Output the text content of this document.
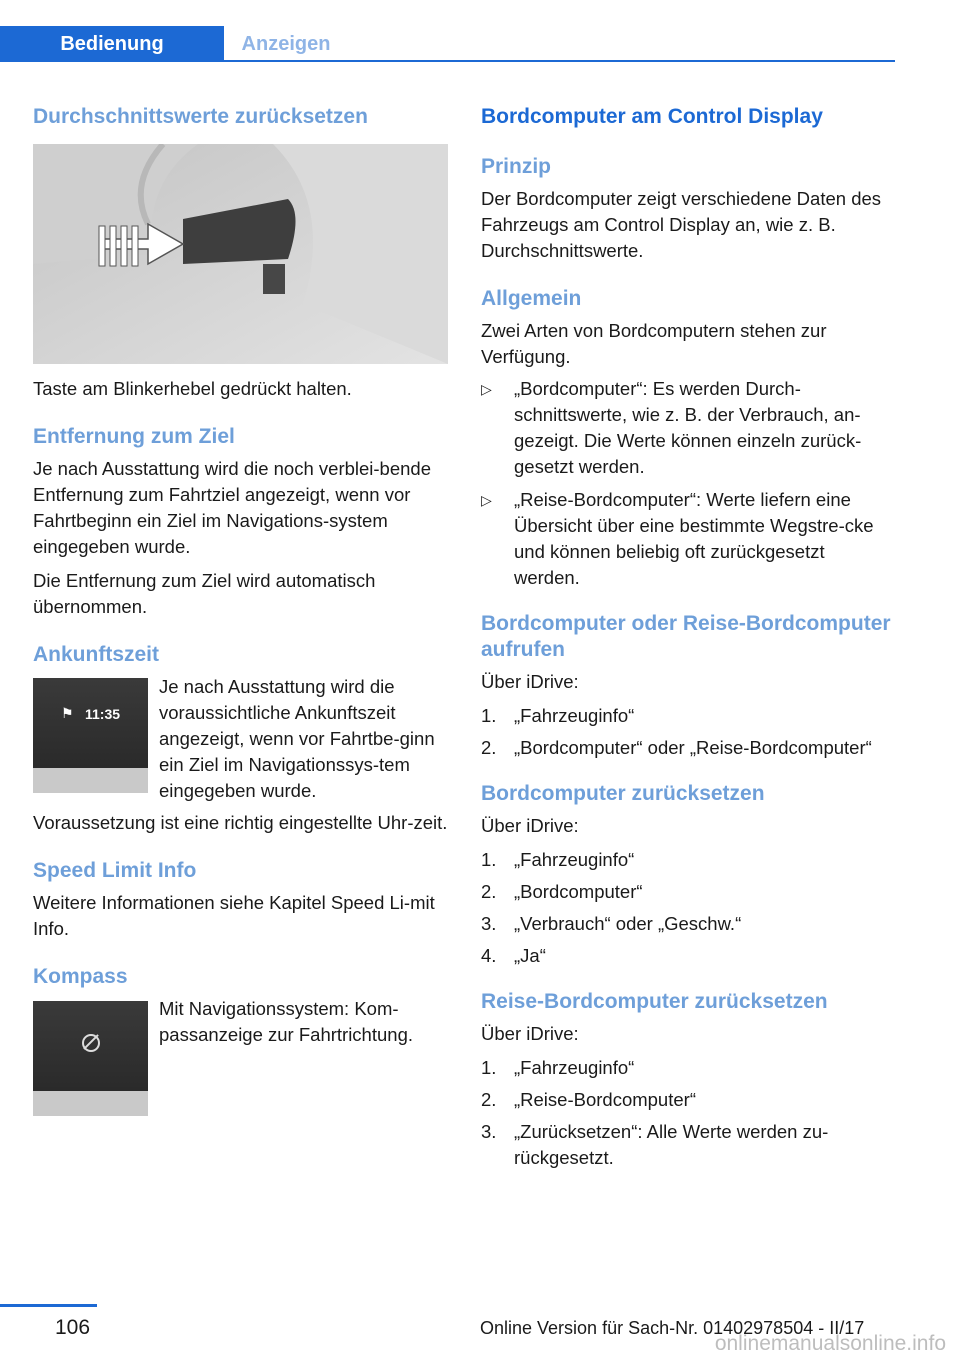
Bedienung	Anzeigen
Durchschnittswerte zurücksetzen

Taste am Blinkerhebel gedrückt halten.

Entfernung zum Ziel

Je nach Ausstattung wird die noch verblei-bende Entfernung zum Fahrtziel angezeigt, wenn vor Fahrtbeginn ein Ziel im Navigations-system eingegeben wurde.

Die Entfernung zum Ziel wird automatisch übernommen.

Ankunftszeit
⚑ 11:35

Je nach Ausstattung wird die voraussichtliche Ankunftszeit angezeigt, wenn vor Fahrtbe-ginn ein Ziel im Navigationssys-tem eingegeben wurde.

Voraussetzung ist eine richtig eingestellte Uhr-zeit.

Speed Limit Info

Weitere Informationen siehe Kapitel Speed Li-mit Info.

Kompass

Mit Navigationssystem: Kom-passanzeige zur Fahrtrichtung.

Bordcomputer am Control Display
Prinzip

Der Bordcomputer zeigt verschiedene Daten des Fahrzeugs am Control Display an, wie z. B. Durchschnittswerte.

Allgemein

Zwei Arten von Bordcomputern stehen zur Verfügung.

▷ „Bordcomputer“: Es werden Durch-schnittswerte, wie z. B. der Verbrauch, an-gezeigt. Die Werte können einzeln zurück-gesetzt werden.
▷ „Reise-Bordcomputer“: Werte liefern eine Übersicht über eine bestimmte Wegstre-cke und können beliebig oft zurückgesetzt werden.
Bordcomputer oder Reise-Bordcomputer aufrufen

Über iDrive:

1. „Fahrzeuginfo“
2. „Bordcomputer“ oder „Reise-Bordcomputer“
Bordcomputer zurücksetzen

Über iDrive:

1. „Fahrzeuginfo“
2. „Bordcomputer“
3. „Verbrauch“ oder „Geschw.“
4. „Ja“
Reise-Bordcomputer zurücksetzen

Über iDrive:

1. „Fahrzeuginfo“
2. „Reise-Bordcomputer“
3. „Zurücksetzen“: Alle Werte werden zu-rückgesetzt.
106	Online Version für Sach-Nr. 01402978504 - II/17
onlinemanualsonline.info
